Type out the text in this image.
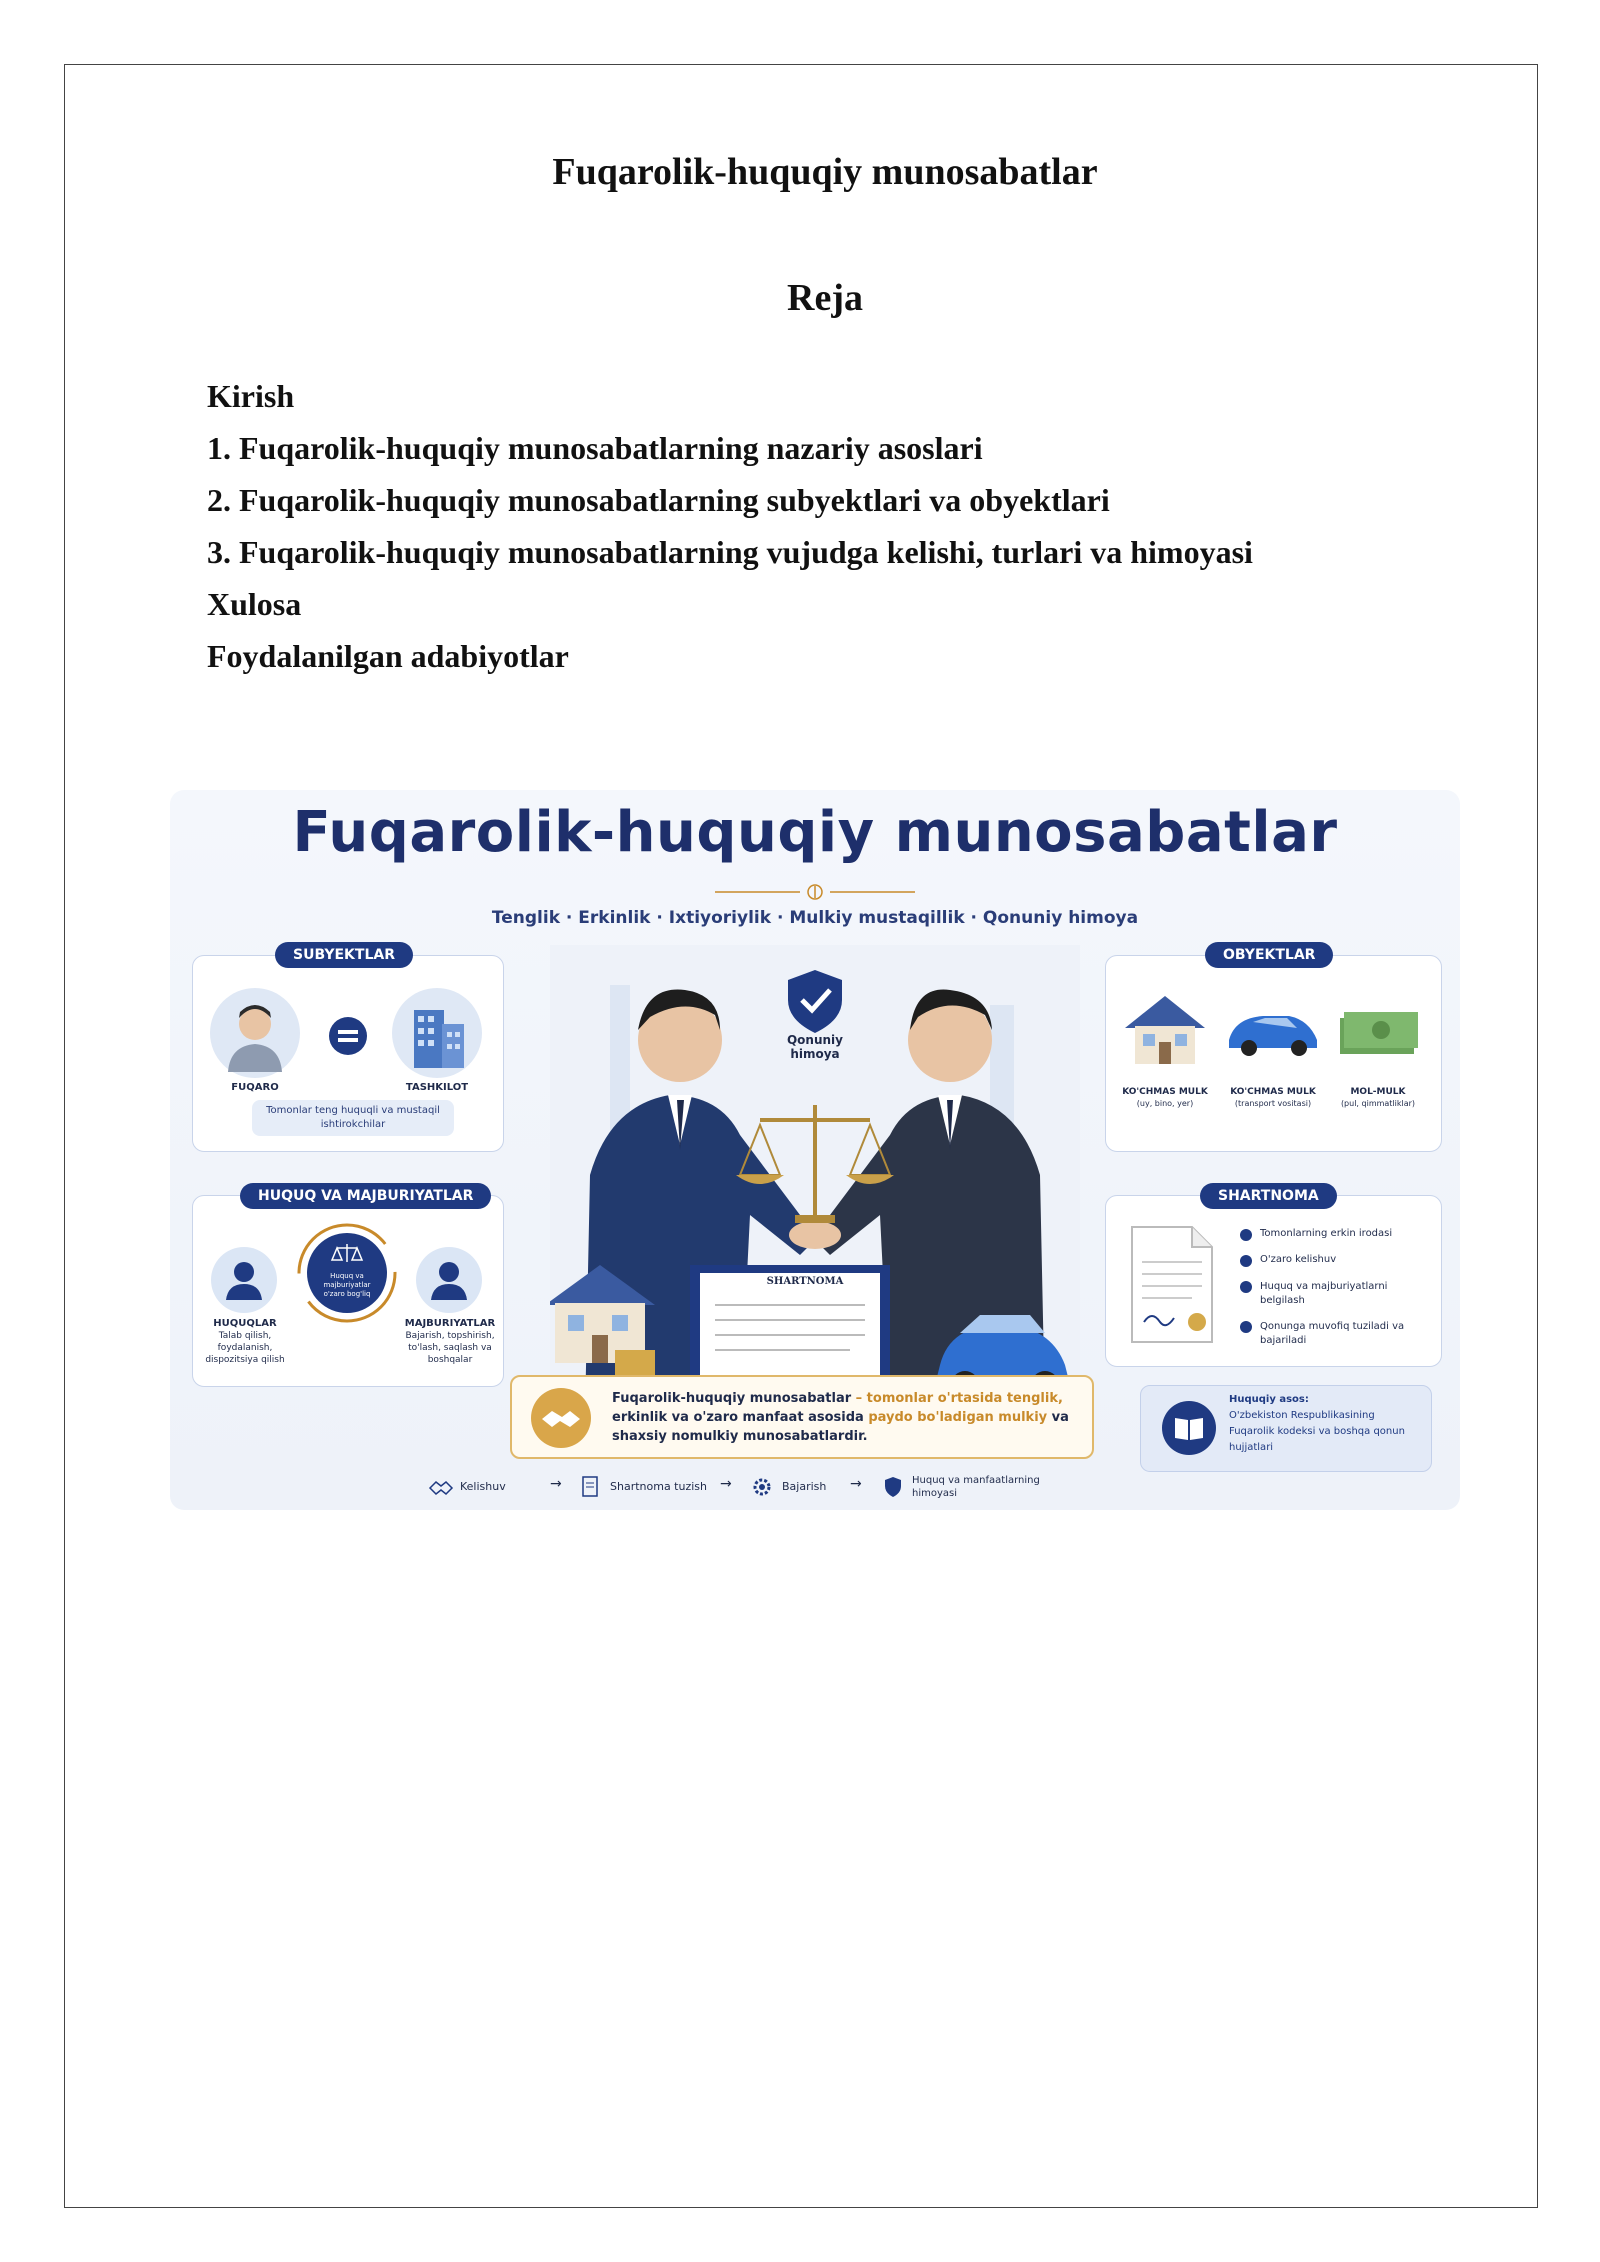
Fuqarolik-huquqiy munosabatlar
Reja
Kirish
1. Fuqarolik-huquqiy munosabatlarning nazariy asoslari
2. Fuqarolik-huquqiy munosabatlarning subyektlari va obyektlari
3. Fuqarolik-huquqiy munosabatlarning vujudga kelishi, turlari va himoyasi
Xulosa
Foydalanilgan adabiyotlar
Fuqarolik-huquqiy munosabatlar
Tenglik · Erkinlik · Ixtiyoriylik · Mulkiy mustaqillik · Qonuniy himoya
SUBYEKTLAR
FUQARO	TASHKILOT
Tomonlar teng huquqli va mustaqil ishtirokchilar
HUQUQ VA MAJBURIYATLAR
HUQUQLAR
Talab qilish, foydalanish, dispozitsiya qilish
Huquq va majburiyatlar o'zaro bog'liq
MAJBURIYATLAR
Bajarish, topshirish, to'lash, saqlash va boshqalar
Qonuniy himoya
SHARTNOMA
OBYEKTLAR
KO'CHMAS MULK
(uy, bino, yer)
KO'CHMAS MULK
(transport vositasi)
MOL-MULK
(pul, qimmatliklar)
SHARTNOMA
Tomonlarning erkin irodasi
O'zaro kelishuv
Huquq va majburiyatlarni belgilash
Qonunga muvofiq tuziladi va bajariladi
Fuqarolik-huquqiy munosabatlar – tomonlar o'rtasida tenglik, erkinlik va o'zaro manfaat asosida paydo bo'ladigan mulkiy va shaxsiy nomulkiy munosabatlardir.
Huquqiy asos:
O'zbekiston Respublikasining Fuqarolik kodeksi va boshqa qonun hujjatlari
Kelishuv	→	Shartnoma tuzish →	Bajarish →	Huquq va manfaatlarning himoyasi
